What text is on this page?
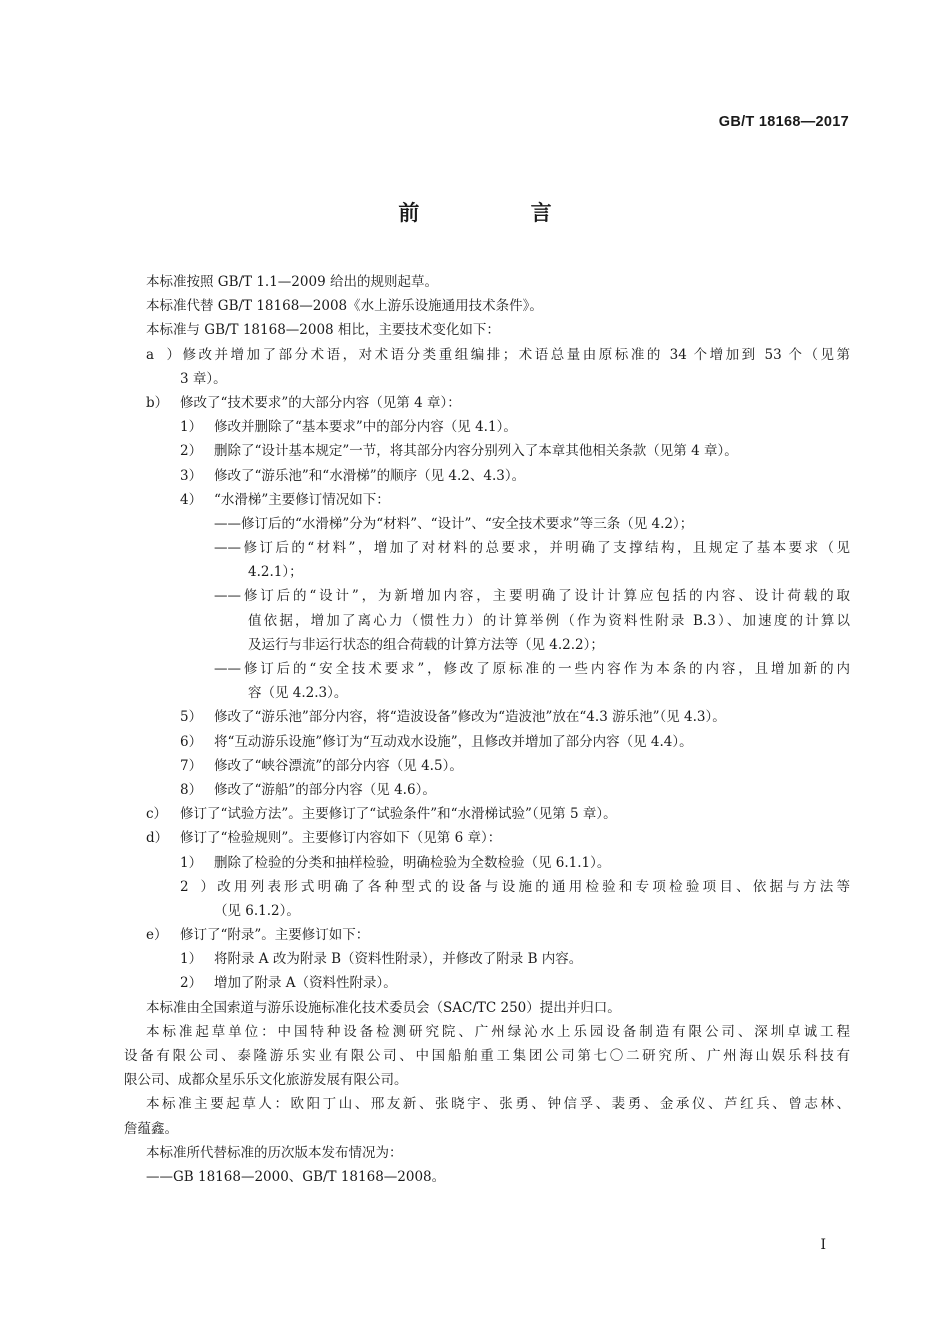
GB/T 18168—2017
前 言
本标准按照 GB/T 1.1—2009 给出的规则起草。
本标准代替 GB/T 18168—2008《水上游乐设施通用技术条件》。
本标准与 GB/T 18168—2008 相比，主要技术变化如下：
a）修改并增加了部分术语，对术语分类重组编排；术语总量由原标准的 34 个增加到 53 个（见第
3 章）。
b） 修改了“技术要求”的大部分内容（见第 4 章）：
1） 修改并删除了“基本要求”中的部分内容（见 4.1）。
2） 删除了“设计基本规定”一节，将其部分内容分别列入了本章其他相关条款（见第 4 章）。
3） 修改了“游乐池”和“水滑梯”的顺序（见 4.2、4.3）。
4） “水滑梯”主要修订情况如下：
——修订后的“水滑梯”分为“材料”、“设计”、“安全技术要求”等三条（见 4.2）；
——修订后的“材料”，增加了对材料的总要求，并明确了支撑结构，且规定了基本要求（见
4.2.1）；
——修订后的“设计”，为新增加内容，主要明确了设计计算应包括的内容、设计荷载的取
值依据，增加了离心力（惯性力）的计算举例（作为资料性附录 B.3）、加速度的计算以
及运行与非运行状态的组合荷载的计算方法等（见 4.2.2）；
——修订后的“安全技术要求”，修改了原标准的一些内容作为本条的内容，且增加新的内
容（见 4.2.3）。
5） 修改了“游乐池”部分内容，将“造波设备”修改为“造波池”放在“4.3 游乐池”（见 4.3）。
6） 将“互动游乐设施”修订为“互动戏水设施”，且修改并增加了部分内容（见 4.4）。
7） 修改了“峡谷漂流”的部分内容（见 4.5）。
8） 修改了“游船”的部分内容（见 4.6）。
c） 修订了“试验方法”。主要修订了“试验条件”和“水滑梯试验”（见第 5 章）。
d） 修订了“检验规则”。主要修订内容如下（见第 6 章）：
1） 删除了检验的分类和抽样检验，明确检验为全数检验（见 6.1.1）。
2）改用列表形式明确了各种型式的设备与设施的通用检验和专项检验项目、依据与方法等
（见 6.1.2）。
e） 修订了“附录”。主要修订如下：
1） 将附录 A 改为附录 B（资料性附录），并修改了附录 B 内容。
2） 增加了附录 A（资料性附录）。
本标准由全国索道与游乐设施标准化技术委员会（SAC/TC 250）提出并归口。
本标准起草单位：中国特种设备检测研究院、广州绿沁水上乐园设备制造有限公司、深圳卓诚工程
设备有限公司、泰隆游乐实业有限公司、中国船舶重工集团公司第七〇二研究所、广州海山娱乐科技有
限公司、成都众星乐乐文化旅游发展有限公司。
本标准主要起草人：欧阳丁山、邢友新、张晓宇、张勇、钟信孚、裴勇、金承仪、芦红兵、曾志林、
詹蕴鑫。
本标准所代替标准的历次版本发布情况为：
——GB 18168—2000、GB/T 18168—2008。
Ⅰ
